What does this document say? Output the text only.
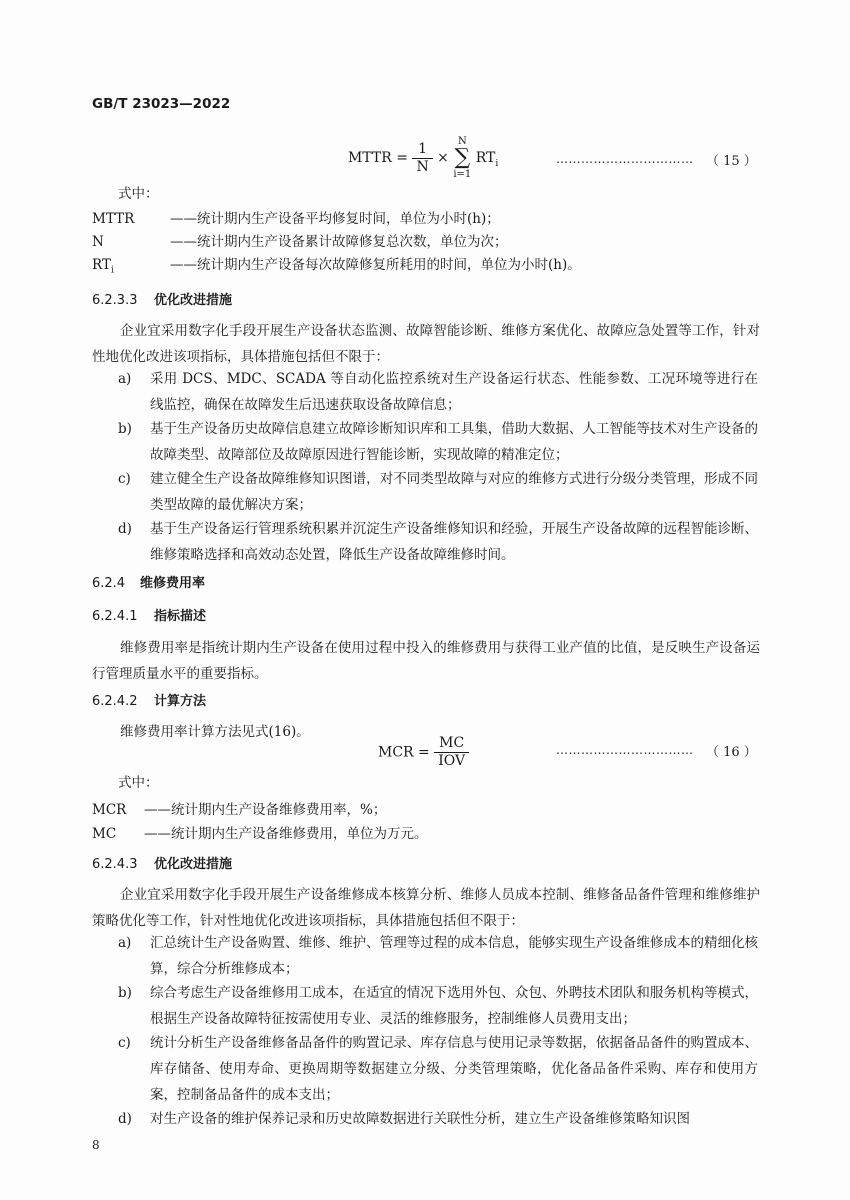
GB/T 23023—2022
MTTR = $\frac{1}{N} \times N$
∑
i=1 $RT_i$	…………………………… （ 15 ）
式中：
MTTR	——统计期内生产设备平均修复时间，单位为小时(h)；
N	——统计期内生产设备累计故障修复总次数，单位为次；
$RT_i$	——统计期内生产设备每次故障修复所耗用的时间，单位为小时(h)。
6.2.3.3 优化改进措施
企业宜采用数字化手段开展生产设备状态监测、故障智能诊断、维修方案优化、故障应急处置等工作，针对性地优化改进该项指标，具体措施包括但不限于：
a) 采用 DCS、MDC、SCADA 等自动化监控系统对生产设备运行状态、性能参数、工况环境等进行在线监控，确保在故障发生后迅速获取设备故障信息；
b) 基于生产设备历史故障信息建立故障诊断知识库和工具集，借助大数据、人工智能等技术对生产设备的故障类型、故障部位及故障原因进行智能诊断，实现故障的精准定位；
c) 建立健全生产设备故障维修知识图谱，对不同类型故障与对应的维修方式进行分级分类管理，形成不同类型故障的最优解决方案；
d) 基于生产设备运行管理系统积累并沉淀生产设备维修知识和经验，开展生产设备故障的远程智能诊断、维修策略选择和高效动态处置，降低生产设备故障维修时间。
6.2.4 维修费用率
6.2.4.1 指标描述
维修费用率是指统计期内生产设备在使用过程中投入的维修费用与获得工业产值的比值，是反映生产设备运行管理质量水平的重要指标。
6.2.4.2 计算方法
维修费用率计算方法见式(16)。
MCR = $\frac{MC}{\text{IOV}}$	…………………………… （ 16 ）
式中：
MCR ——统计期内生产设备维修费用率，%；
MC ——统计期内生产设备维修费用，单位为万元。
6.2.4.3 优化改进措施
企业宜采用数字化手段开展生产设备维修成本核算分析、维修人员成本控制、维修备品备件管理和维修维护策略优化等工作，针对性地优化改进该项指标，具体措施包括但不限于：
a) 汇总统计生产设备购置、维修、维护、管理等过程的成本信息，能够实现生产设备维修成本的精细化核算，综合分析维修成本；
b) 综合考虑生产设备维修用工成本，在适宜的情况下选用外包、众包、外聘技术团队和服务机构等模式，根据生产设备故障特征按需使用专业、灵活的维修服务，控制维修人员费用支出；
c) 统计分析生产设备维修备品备件的购置记录、库存信息与使用记录等数据，依据备品备件的购置成本、库存储备、使用寿命、更换周期等数据建立分级、分类管理策略，优化备品备件采购、库存和使用方案，控制备品备件的成本支出；
d) 对生产设备的维护保养记录和历史故障数据进行关联性分析，建立生产设备维修策略知识图
8
